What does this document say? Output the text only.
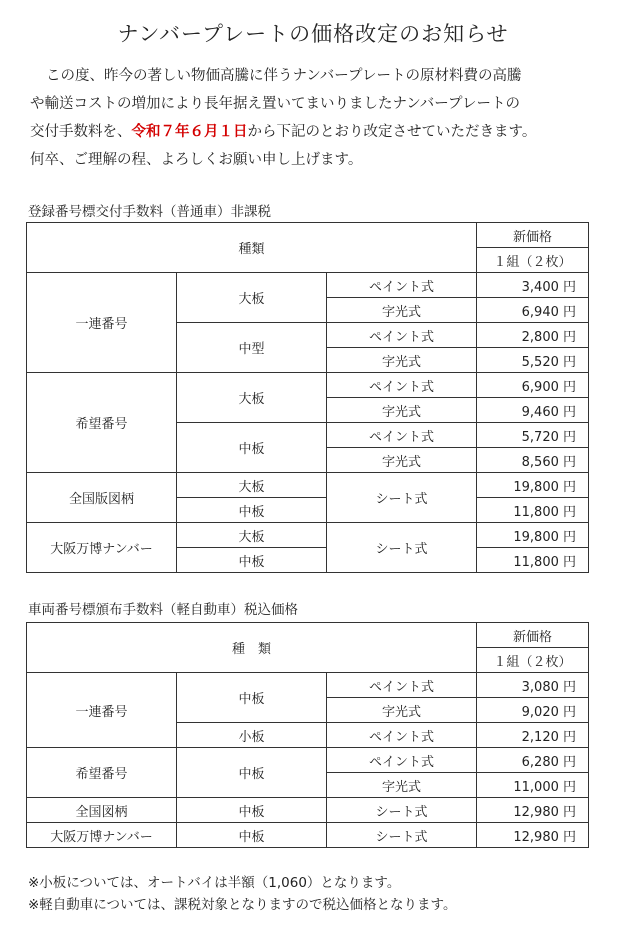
ナンバープレートの価格改定のお知らせ

この度、昨今の著しい物価高騰に伴うナンバープレートの原材料費の高騰

や輸送コストの増加により長年据え置いてまいりましたナンバープレートの

交付手数料を、令和７年６月１日から下記のとおり改定させていただきます。

何卒、ご理解の程、よろしくお願い申し上げます。

登録番号標交付手数料（普通車）非課税
種類			新価格
			１組（２枚）
一連番号	大板	ペイント式	3,400 円
		字光式	6,940 円
	中型	ペイント式	2,800 円
		字光式	5,520 円
希望番号	大板	ペイント式	6,900 円
		字光式	9,460 円
	中板	ペイント式	5,720 円
		字光式	8,560 円
全国版図柄	大板	シート式	19,800 円
	中板		11,800 円
大阪万博ナンバー	大板	シート式	19,800 円
	中板		11,800 円
車両番号標頒布手数料（軽自動車）税込価格
種　類			新価格
			１組（２枚）
一連番号	中板	ペイント式	3,080 円
		字光式	9,020 円
	小板	ペイント式	2,120 円
希望番号	中板	ペイント式	6,280 円
		字光式	11,000 円
全国図柄	中板	シート式	12,980 円
大阪万博ナンバー	中板	シート式	12,980 円

※小板については、オートバイは半額（1,060）となります。

※軽自動車については、課税対象となりますので税込価格となります。
